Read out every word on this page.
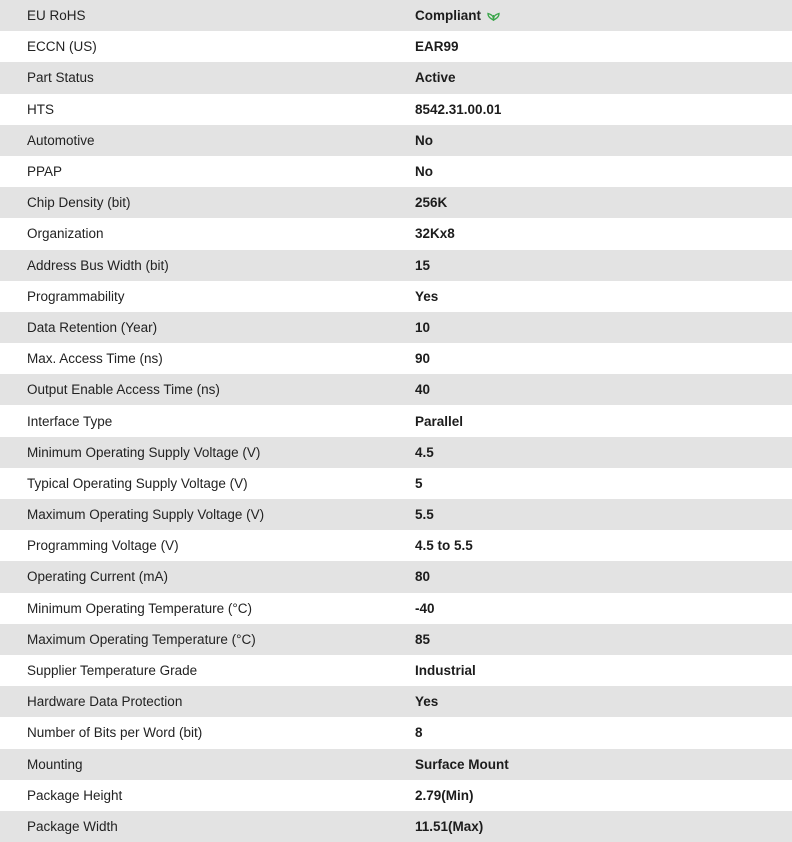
EU RoHS	Compliant
ECCN (US)	EAR99
Part Status	Active
HTS	8542.31.00.01
Automotive	No
PPAP	No
Chip Density (bit)	256K
Organization	32Kx8
Address Bus Width (bit)	15
Programmability	Yes
Data Retention (Year)	10
Max. Access Time (ns)	90
Output Enable Access Time (ns)	40
Interface Type	Parallel
Minimum Operating Supply Voltage (V)	4.5
Typical Operating Supply Voltage (V)	5
Maximum Operating Supply Voltage (V)	5.5
Programming Voltage (V)	4.5 to 5.5
Operating Current (mA)	80
Minimum Operating Temperature (°C)	-40
Maximum Operating Temperature (°C)	85
Supplier Temperature Grade	Industrial
Hardware Data Protection	Yes
Number of Bits per Word (bit)	8
Mounting	Surface Mount
Package Height	2.79(Min)
Package Width	11.51(Max)
